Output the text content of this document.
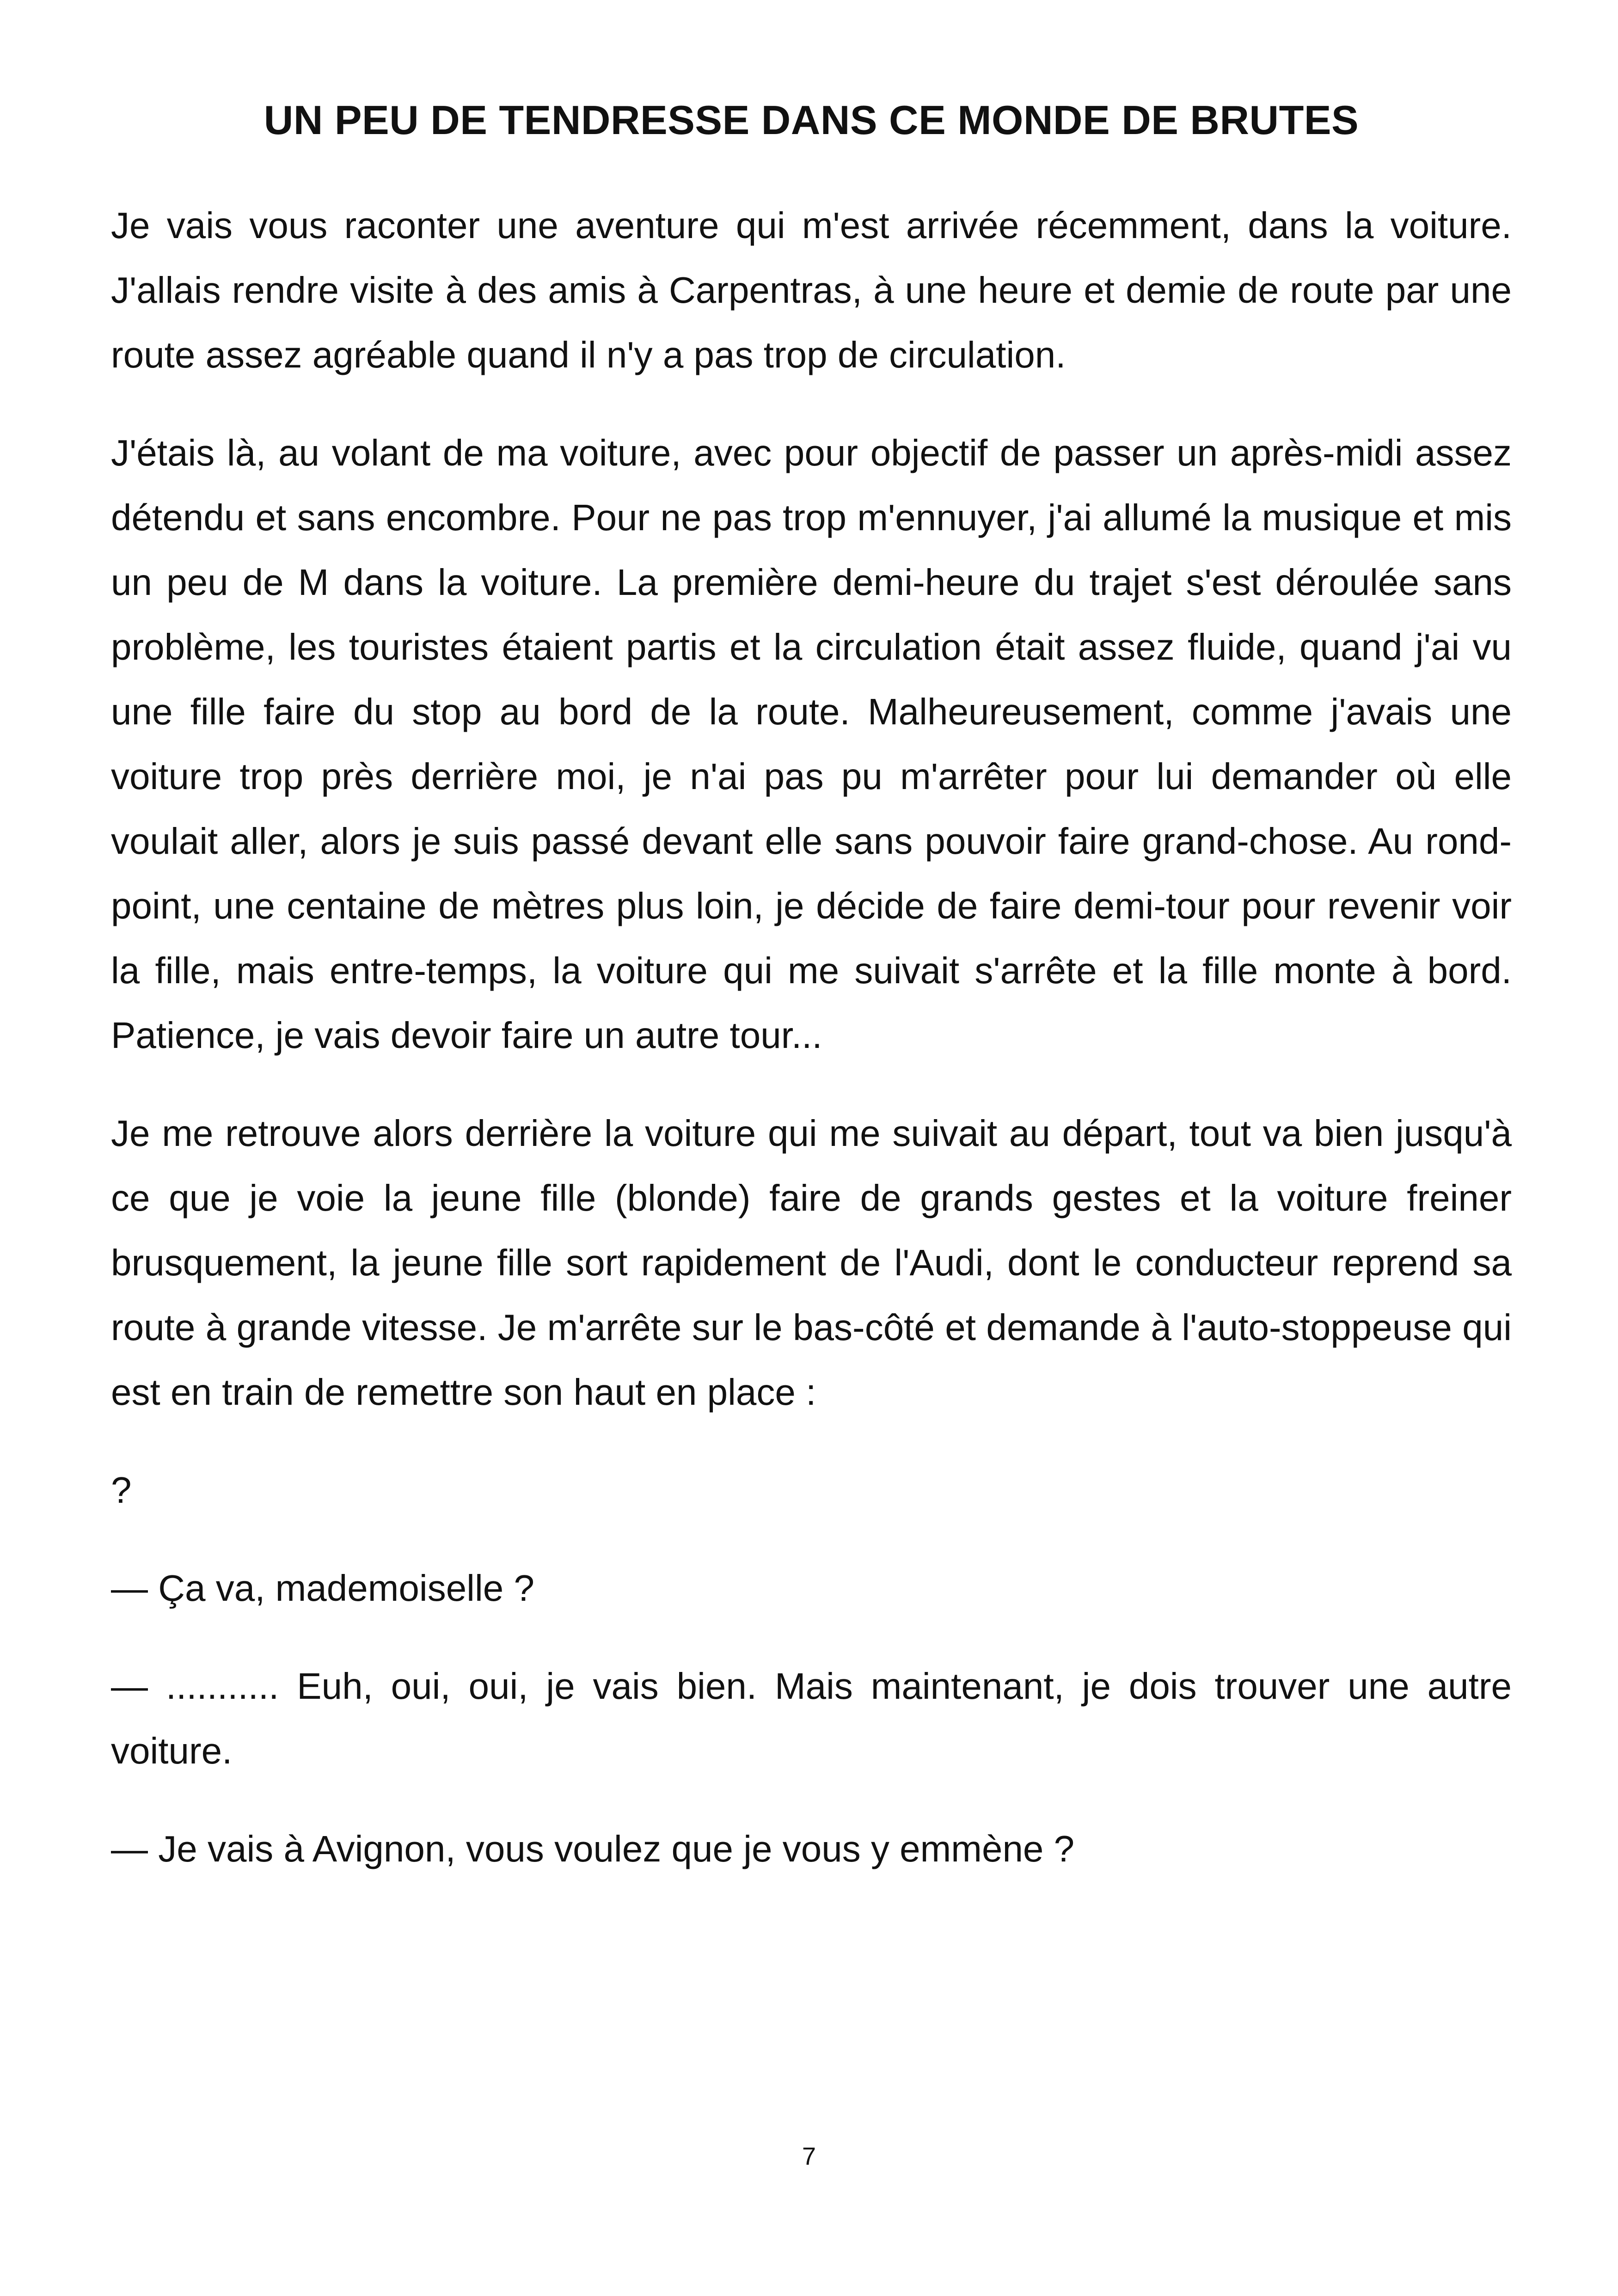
UN PEU DE TENDRESSE DANS CE MONDE DE BRUTES

Je vais vous raconter une aventure qui m'est arrivée récemment, dans la voiture. J'allais rendre visite à des amis à Carpentras, à une heure et demie de route par une route assez agréable quand il n'y a pas trop de circulation.

J'étais là, au volant de ma voiture, avec pour objectif de passer un après-midi assez détendu et sans encombre. Pour ne pas trop m'ennuyer, j'ai allumé la musique et mis un peu de M dans la voiture. La première demi-heure du trajet s'est déroulée sans problème, les touristes étaient partis et la circulation était assez fluide, quand j'ai vu une fille faire du stop au bord de la route. Malheureusement, comme j'avais une voiture trop près derrière moi, je n'ai pas pu m'arrêter pour lui demander où elle voulait aller, alors je suis passé devant elle sans pouvoir faire grand-chose. Au rond-point, une centaine de mètres plus loin, je décide de faire demi-tour pour revenir voir la fille, mais entre-temps, la voiture qui me suivait s'arrête et la fille monte à bord. Patience, je vais devoir faire un autre tour...

Je me retrouve alors derrière la voiture qui me suivait au départ, tout va bien jusqu'à ce que je voie la jeune fille (blonde) faire de grands gestes et la voiture freiner brusquement, la jeune fille sort rapidement de l'Audi, dont le conducteur reprend sa route à grande vitesse. Je m'arrête sur le bas-côté et demande à l'auto-stoppeuse qui est en train de remettre son haut en place :

?

— Ça va, mademoiselle ?

— ........... Euh, oui, oui, je vais bien. Mais maintenant, je dois trouver une autre voiture.

— Je vais à Avignon, vous voulez que je vous y emmène ?

7
